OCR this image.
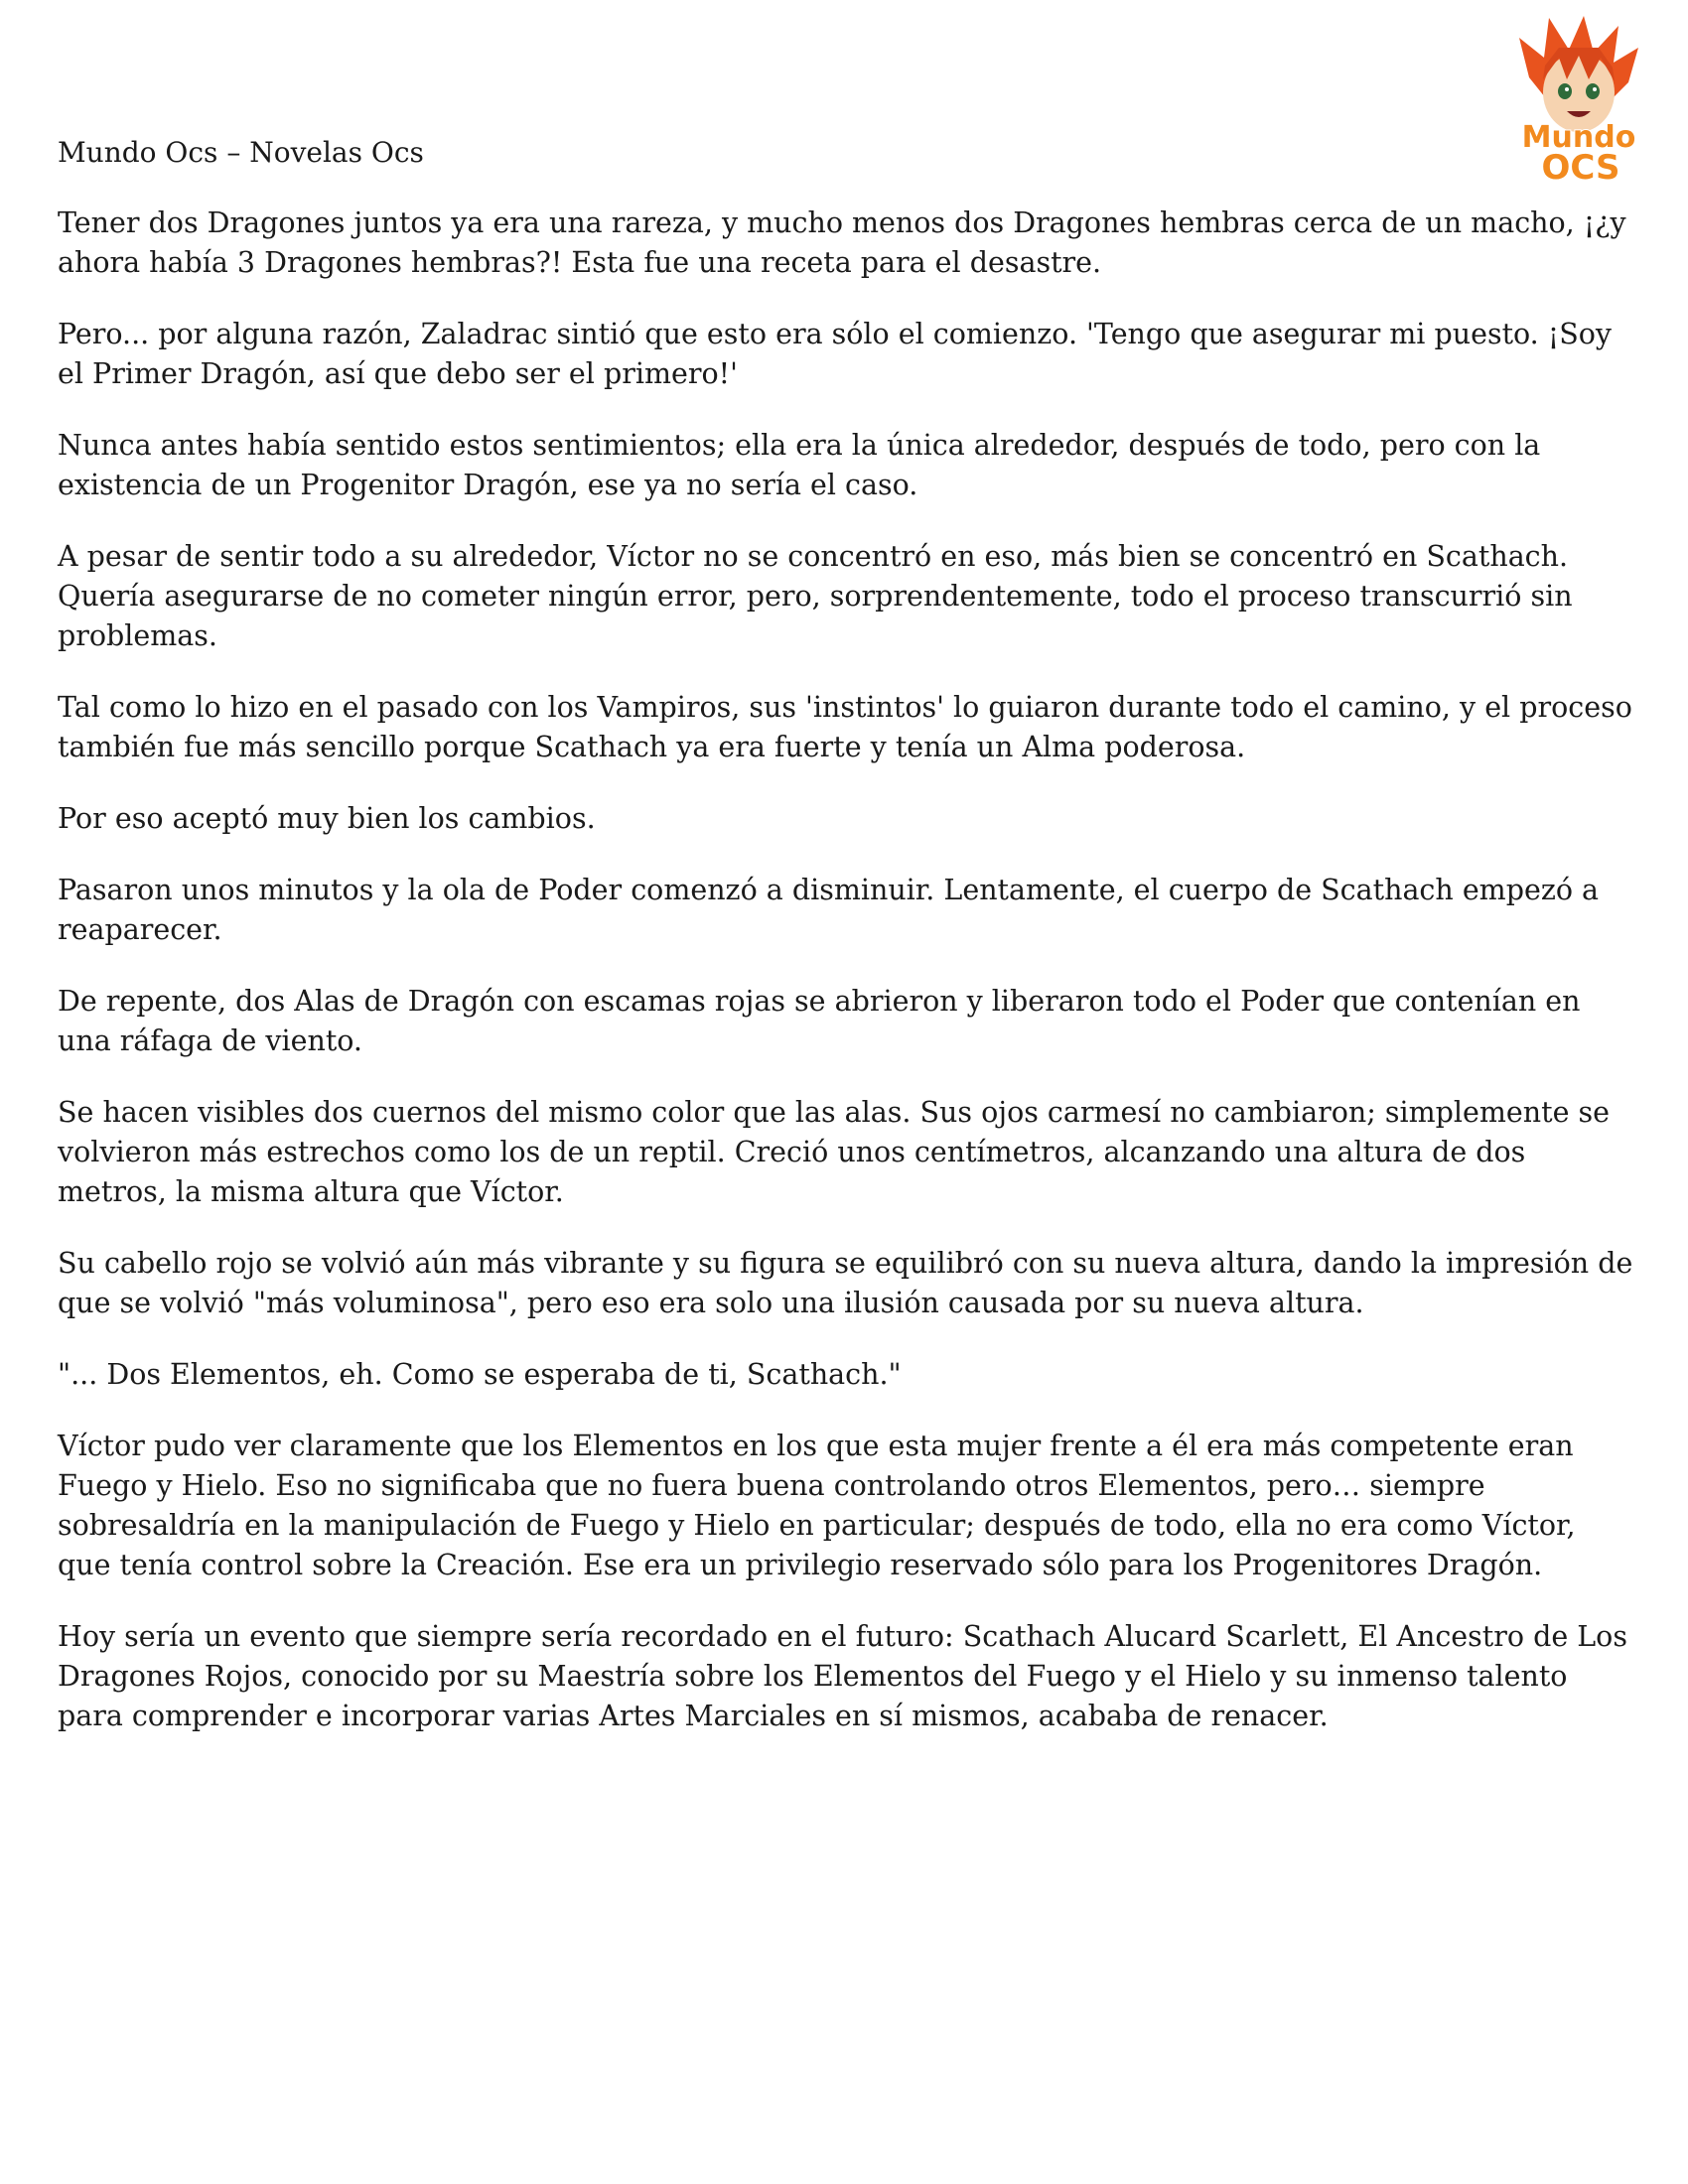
Mundo
OCS

Mundo Ocs – Novelas Ocs

Tener dos Dragones juntos ya era una rareza, y mucho menos dos Dragones hembras cerca de un macho, ¡¿y ahora había 3 Dragones hembras?! Esta fue una receta para el desastre.

Pero... por alguna razón, Zaladrac sintió que esto era sólo el comienzo. 'Tengo que asegurar mi puesto. ¡Soy el Primer Dragón, así que debo ser el primero!'

Nunca antes había sentido estos sentimientos; ella era la única alrededor, después de todo, pero con la existencia de un Progenitor Dragón, ese ya no sería el caso.

A pesar de sentir todo a su alrededor, Víctor no se concentró en eso, más bien se concentró en Scathach. Quería asegurarse de no cometer ningún error, pero, sorprendentemente, todo el proceso transcurrió sin problemas.

Tal como lo hizo en el pasado con los Vampiros, sus 'instintos' lo guiaron durante todo el camino, y el proceso también fue más sencillo porque Scathach ya era fuerte y tenía un Alma poderosa.

Por eso aceptó muy bien los cambios.

Pasaron unos minutos y la ola de Poder comenzó a disminuir. Lentamente, el cuerpo de Scathach empezó a reaparecer.

De repente, dos Alas de Dragón con escamas rojas se abrieron y liberaron todo el Poder que contenían en una ráfaga de viento.

Se hacen visibles dos cuernos del mismo color que las alas. Sus ojos carmesí no cambiaron; simplemente se volvieron más estrechos como los de un reptil. Creció unos centímetros, alcanzando una altura de dos metros, la misma altura que Víctor.

Su cabello rojo se volvió aún más vibrante y su figura se equilibró con su nueva altura, dando la impresión de que se volvió "más voluminosa", pero eso era solo una ilusión causada por su nueva altura.

"... Dos Elementos, eh. Como se esperaba de ti, Scathach."

Víctor pudo ver claramente que los Elementos en los que esta mujer frente a él era más competente eran Fuego y Hielo. Eso no significaba que no fuera buena controlando otros Elementos, pero… siempre sobresaldría en la manipulación de Fuego y Hielo en particular; después de todo, ella no era como Víctor, que tenía control sobre la Creación. Ese era un privilegio reservado sólo para los Progenitores Dragón.

Hoy sería un evento que siempre sería recordado en el futuro: Scathach Alucard Scarlett, El Ancestro de Los Dragones Rojos, conocido por su Maestría sobre los Elementos del Fuego y el Hielo y su inmenso talento para comprender e incorporar varias Artes Marciales en sí mismos, acababa de renacer.
